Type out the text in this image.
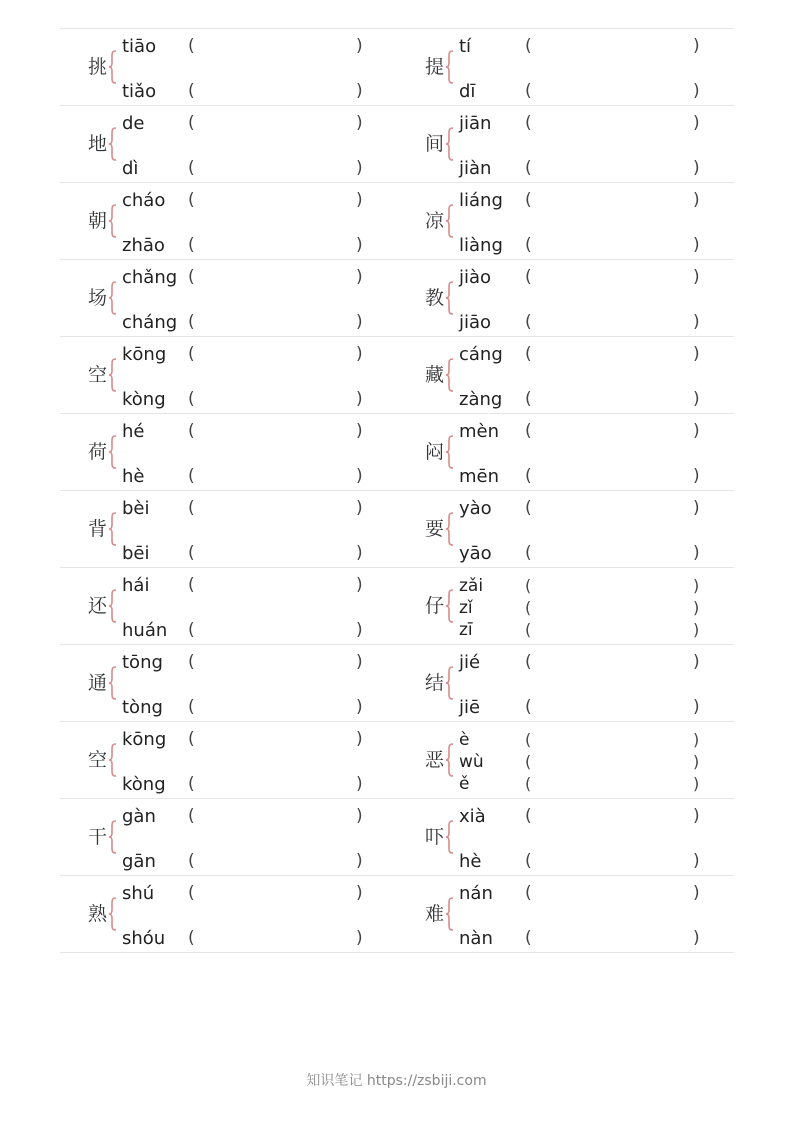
挑
tiāo (	)
tiǎo (	)
提
tí	(	)
dī	(	)
地
de	(	)
dì	(	)
间
jiān (	)
jiàn (	)
朝
cháo (	)
zhāo (	)
凉
liáng (	)
liàng (	)
场
chǎng (	)
cháng (	)
教
jiào (	)
jiāo (	)
空
kōng (	)
kòng (	)
藏
cáng (	)
zàng (	)
荷
hé	(	)
hè	(	)
闷
mèn (	)
mēn (	)
背
bèi (	)
bēi (	)
要
yào (	)
yāo (	)
还
hái (	)
huán (	)
仔
zǎi	(	)
zǐ	(	)
zī	(	)
通
tōng (	)
tòng (	)
结
jié	(	)
jiē	(	)
空
kōng (	)
kòng (	)
恶
è	(	)
wù	(	)
ě	(	)
干
gàn (	)
gān (	)
吓
xià (	)
hè	(	)
熟
shú (	)
shóu (	)
难
nán (	)
nàn (	)
知识笔记 https://zsbiji.com
